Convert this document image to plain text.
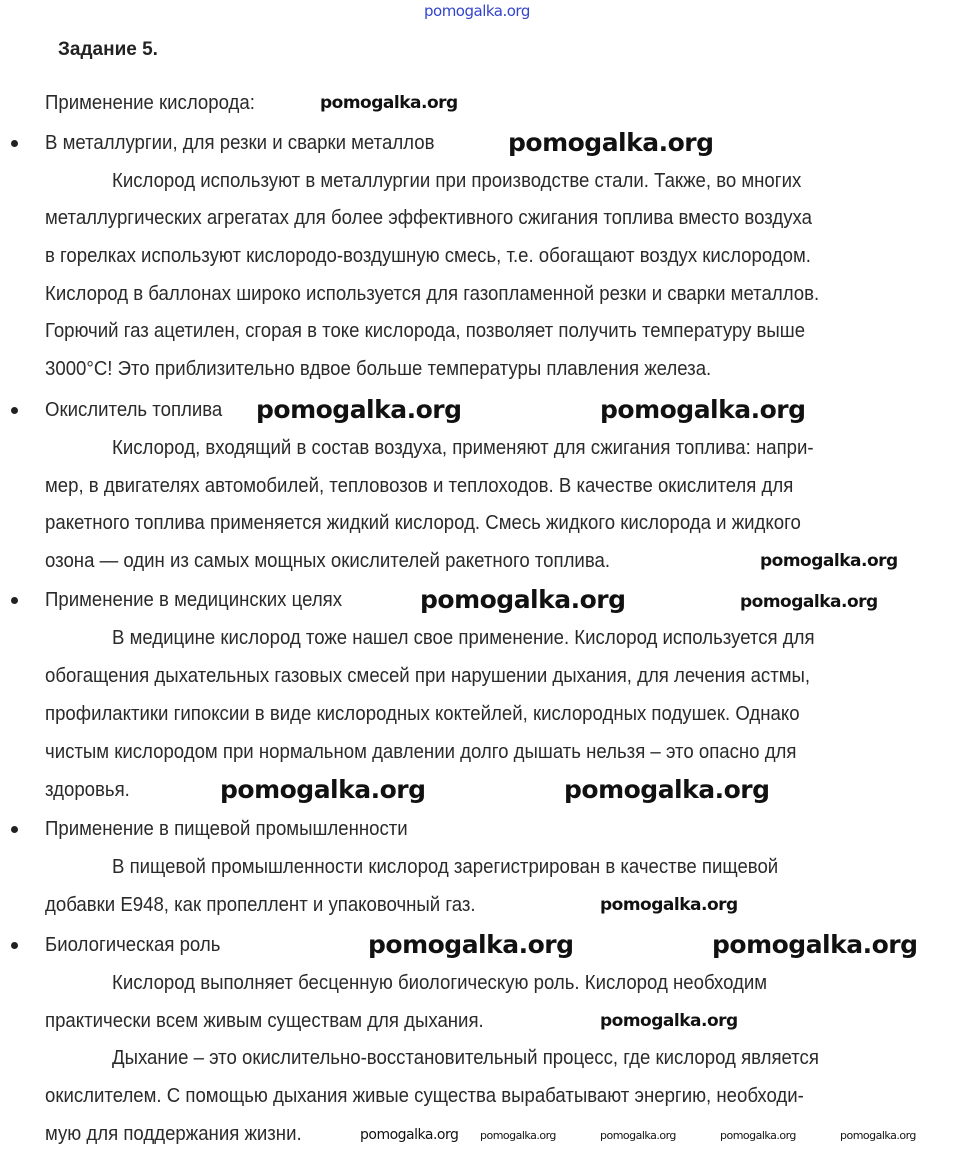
pomogalka.org
Задание 5.
Применение кислорода:
В металлургии, для резки и сварки металлов
Кислород используют в металлургии при производстве стали. Также, во многих
металлургических агрегатах для более эффективного сжигания топлива вместо воздуха
в горелках используют кислородо-воздушную смесь, т.е. обогащают воздух кислородом.
Кислород в баллонах широко используется для газопламенной резки и сварки металлов.
Горючий газ ацетилен, сгорая в токе кислорода, позволяет получить температуру выше
3000°С! Это приблизительно вдвое больше температуры плавления железа.
Окислитель топлива
Кислород, входящий в состав воздуха, применяют для сжигания топлива: напри-
мер, в двигателях автомобилей, тепловозов и теплоходов. В качестве окислителя для
ракетного топлива применяется жидкий кислород. Смесь жидкого кислорода и жидкого
озона — один из самых мощных окислителей ракетного топлива.
Применение в медицинских целях
В медицине кислород тоже нашел свое применение. Кислород используется для
обогащения дыхательных газовых смесей при нарушении дыхания, для лечения астмы,
профилактики гипоксии в виде кислородных коктейлей, кислородных подушек. Однако
чистым кислородом при нормальном давлении долго дышать нельзя – это опасно для
здоровья.
Применение в пищевой промышленности
В пищевой промышленности кислород зарегистрирован в качестве пищевой
добавки Е948, как пропеллент и упаковочный газ.
Биологическая роль
Кислород выполняет бесценную биологическую роль. Кислород необходим
практически всем живым существам для дыхания.
Дыхание – это окислительно-восстановительный процесс, где кислород является
окислителем. С помощью дыхания живые существа вырабатывают энергию, необходи-
мую для поддержания жизни.
pomogalka.org
pomogalka.org
pomogalka.org
pomogalka.org
pomogalka.org
pomogalka.org
pomogalka.org
pomogalka.org
pomogalka.org	pomogalka.org
pomogalka.org	pomogalka.org
pomogalka.org
pomogalka.org pomogalka.org	pomogalka.org	pomogalka.org	pomogalka.org
